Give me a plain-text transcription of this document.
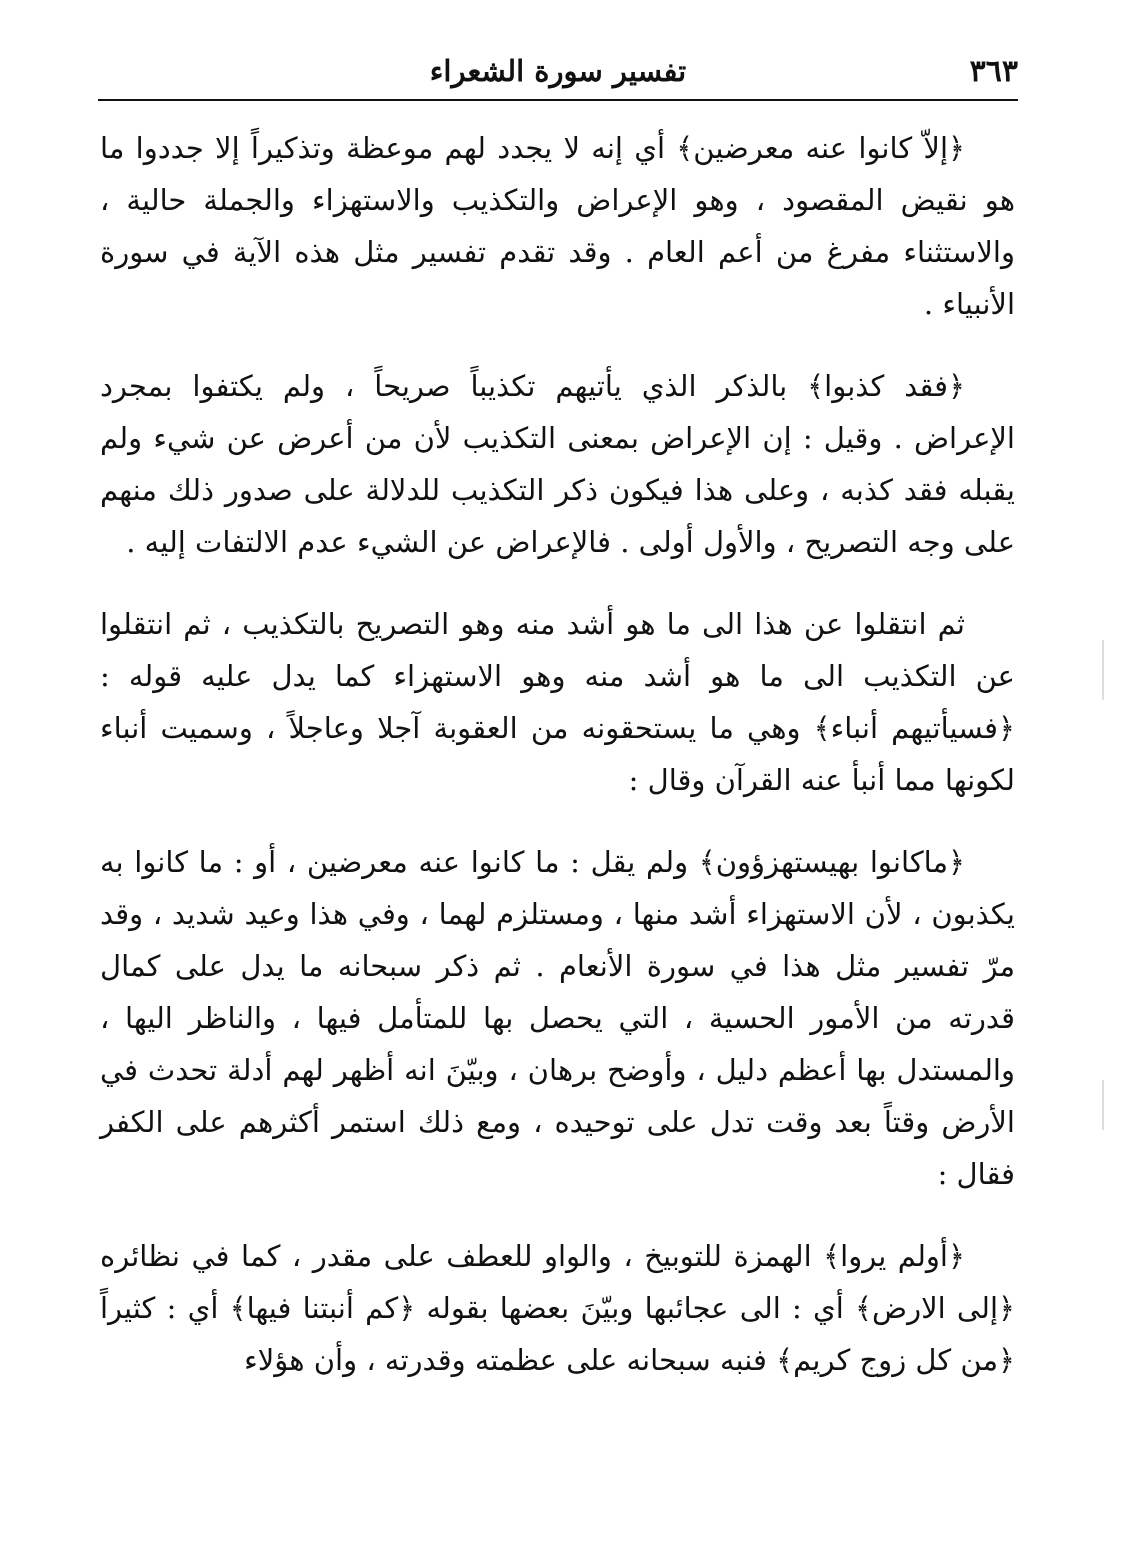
٣٦٣
تفسير سورة الشعراء

﴿إلاّ كانوا عنه معرضين﴾ أي إنه لا يجدد لهم موعظة وتذكيراً إلا جددوا ما هو نقيض المقصود ، وهو الإعراض والتكذيب والاستهزاء والجملة حالية ، والاستثناء مفرغ من أعم العام . وقد تقدم تفسير مثل هذه الآية في سورة الأنبياء .

﴿فقد كذبوا﴾ بالذكر الذي يأتيهم تكذيباً صريحاً ، ولم يكتفوا بمجرد الإعراض . وقيل : إن الإعراض بمعنى التكذيب لأن من أعرض عن شيء ولم يقبله فقد كذبه ، وعلى هذا فيكون ذكر التكذيب للدلالة على صدور ذلك منهم على وجه التصريح ، والأول أولى . فالإعراض عن الشيء عدم الالتفات إليه .

ثم انتقلوا عن هذا الى ما هو أشد منه وهو التصريح بالتكذيب ، ثم انتقلوا عن التكذيب الى ما هو أشد منه وهو الاستهزاء كما يدل عليه قوله : ﴿فسيأتيهم أنباء﴾ وهي ما يستحقونه من العقوبة آجلا وعاجلاً ، وسميت أنباء لكونها مما أنبأ عنه القرآن وقال :

﴿ماكانوا بهيستهزؤون﴾ ولم يقل : ما كانوا عنه معرضين ، أو : ما كانوا به يكذبون ، لأن الاستهزاء أشد منها ، ومستلزم لهما ، وفي هذا وعيد شديد ، وقد مرّ تفسير مثل هذا في سورة الأنعام . ثم ذكر سبحانه ما يدل على كمال قدرته من الأمور الحسية ، التي يحصل بها للمتأمل فيها ، والناظر اليها ، والمستدل بها أعظم دليل ، وأوضح برهان ، وبيّنَ انه أظهر لهم أدلة تحدث في الأرض وقتاً بعد وقت تدل على توحيده ، ومع ذلك استمر أكثرهم على الكفر فقال :

﴿أولم يروا﴾ الهمزة للتوبيخ ، والواو للعطف على مقدر ، كما في نظائره ﴿إلى الارض﴾ أي : الى عجائبها وبيّنَ بعضها بقوله ﴿كم أنبتنا فيها﴾ أي : كثيراً ﴿من كل زوج كريم﴾ فنبه سبحانه على عظمته وقدرته ، وأن هؤلاء
